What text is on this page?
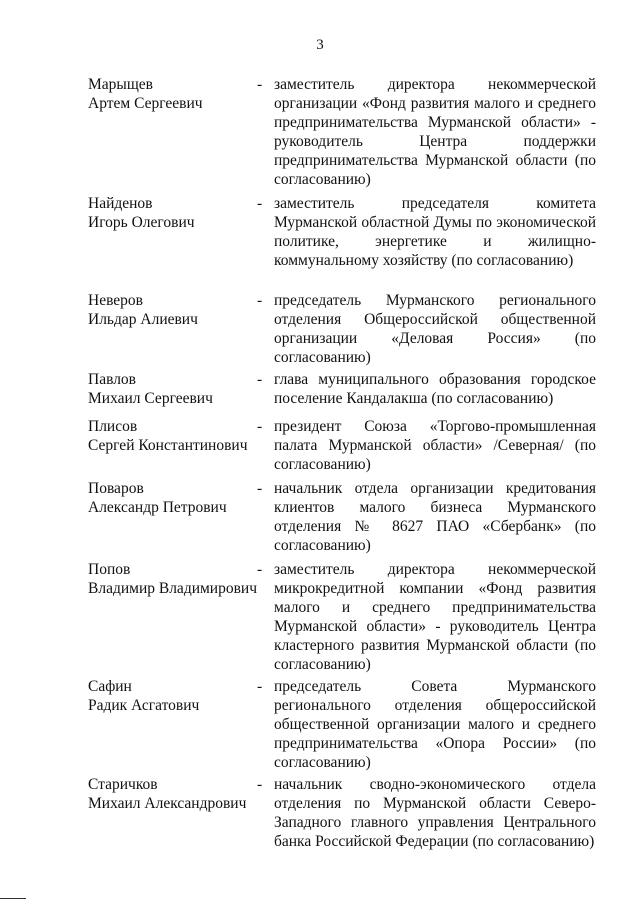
3
Марыщев
Артем Сергеевич
- заместитель директора некоммерческой организации «Фонд развития малого и среднего предпринимательства Мурманской области» - руководитель Центра поддержки предпринимательства Мурманской области (по согласованию)
Найденов
Игорь Олегович
- заместитель председателя комитета Мурманской областной Думы по экономической политике, энергетике и жилищно-коммунальному хозяйству (по согласованию)
Неверов
Ильдар Алиевич
- председатель Мурманского регионального отделения Общероссийской общественной организации «Деловая Россия» (по согласованию)
Павлов
Михаил Сергеевич
- глава муниципального образования городское поселение Кандалакша (по согласованию)
Плисов
Сергей Константинович
- президент Союза «Торгово-промышленная палата Мурманской области» /Северная/ (по согласованию)
Поваров
Александр Петрович
- начальник отдела организации кредитования клиентов малого бизнеса Мурманского отделения № 8627 ПАО «Сбербанк» (по согласованию)
Попов
Владимир Владимирович
- заместитель директора некоммерческой микрокредитной компании «Фонд развития малого и среднего предпринимательства Мурманской области» - руководитель Центра кластерного развития Мурманской области (по согласованию)
Сафин
Радик Асгатович
- председатель Совета Мурманского регионального отделения общероссийской общественной организации малого и среднего предпринимательства «Опора России» (по согласованию)
Старичков
Михаил Александрович
- начальник сводно-экономического отдела отделения по Мурманской области Северо-Западного главного управления Центрального банка Российской Федерации (по согласованию)
